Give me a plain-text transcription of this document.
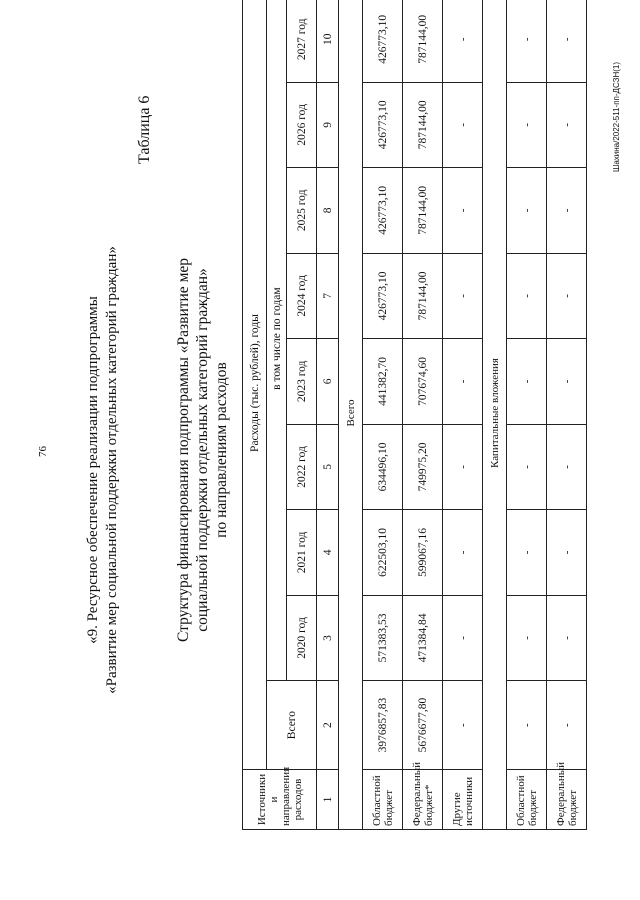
76 «9. Ресурсное обеспечение реализации подпрограммы «Развитие мер социальной поддержки отдельных категорий граждан»
Таблица 6
Структура финансирования подпрограммы «Развитие мер социальной поддержки отдельных категорий граждан» по направлениям расходов
Источники и направления расходов	Расходы (тыс. рублей), годы								
	Всего	в том числе по годам							
		2020 год	2021 год	2022 год	2023 год	2024 год	2025 год	2026 год	2027 год
1	2	3	4	5	6	7	8	9	10
Всего									
Областной бюджет	3976857,83	571383,53	622503,10	634496,10	441382,70	426773,10	426773,10	426773,10	426773,10
Федеральный бюджет*	5676677,80	471384,84	599067,16	749975,20	707674,60	787144,00	787144,00	787144,00	787144,00
Другие источники	-	-	-	-	-	-	-	-	-
Капитальные вложения									
Областной бюджет	-	-	-	-	-	-	-	-	-
Федеральный бюджет	-	-	-	-	-	-	-	-	-
Шахина/2022-511-пп-ДСЗН(1)
